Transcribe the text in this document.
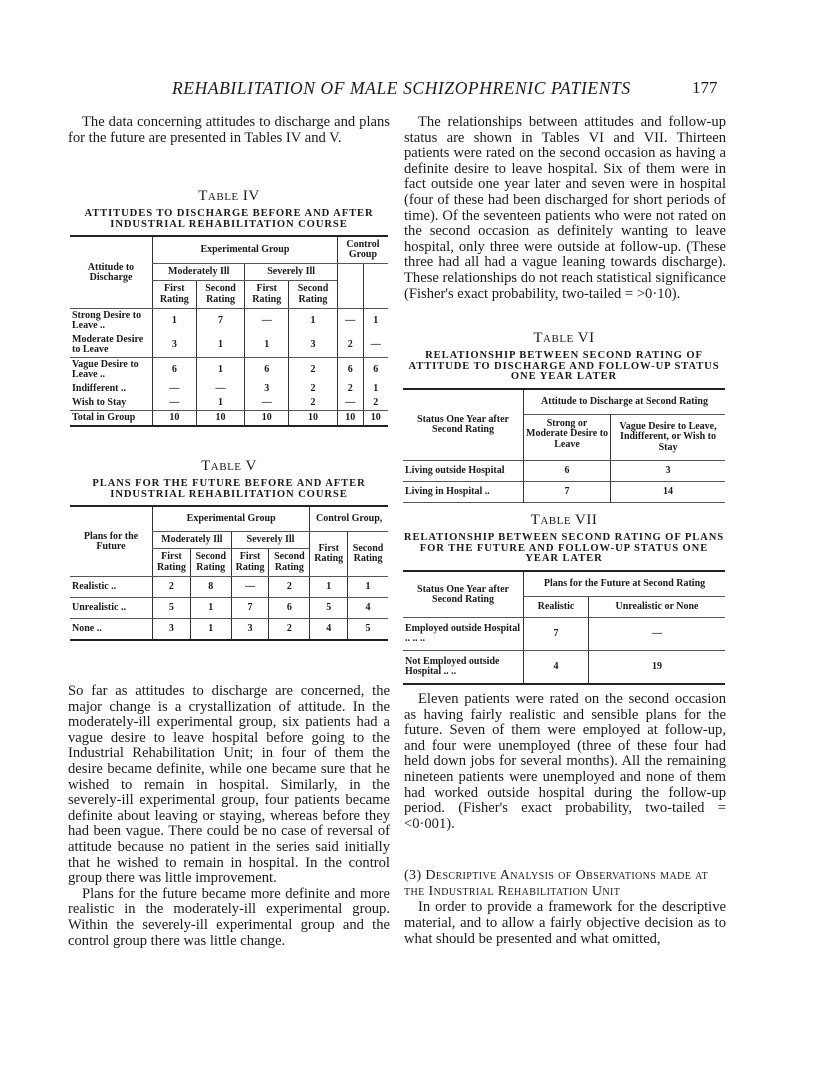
REHABILITATION OF MALE SCHIZOPHRENIC PATIENTS	177

The data concerning attitudes to discharge and plans for the future are presented in Tables IV and V.

Table IV
ATTITUDES TO DISCHARGE BEFORE AND AFTER INDUSTRIAL REHABILITATION COURSE
Attitude to Discharge	Experimental Group				Control Group	
	Moderately Ill		Severely Ill			
	First Rating	Second Rating	First Rating	Second Rating		
Strong Desire to Leave ..	1	7	—	1	—	1
Moderate Desire to Leave	3	1	1	3	2	—
Vague Desire to Leave ..	6	1	6	2	6	6
Indifferent ..	—	—	3	2	2	1
Wish to Stay	—	1	—	2	—	2
Total in Group	10	10	10	10	10	10
Table V
PLANS FOR THE FUTURE BEFORE AND AFTER INDUSTRIAL REHABILITATION COURSE
Plans for the Future	Experimental Group				Control Group,	
	Moderately Ill		Severely Ill		First Rating	Second Rating
	First Rating	Second Rating	First Rating	Second Rating		
Realistic ..	2	8	—	2	1	1
Unrealistic ..	5	1	7	6	5	4
None ..	3	1	3	2	4	5

So far as attitudes to discharge are concerned, the major change is a crystallization of attitude. In the moderately-ill experimental group, six patients had a vague desire to leave hospital before going to the Industrial Rehabilitation Unit; in four of them the desire became definite, while one became sure that he wished to remain in hospital. Similarly, in the severely-ill experimental group, four patients became definite about leaving or staying, whereas before they had been vague. There could be no case of reversal of attitude because no patient in the series said initially that he wished to remain in hospital. In the control group there was little improvement.

Plans for the future became more definite and more realistic in the moderately-ill experimental group. Within the severely-ill experimental group and the control group there was little change.

The relationships between attitudes and follow-up status are shown in Tables VI and VII. Thirteen patients were rated on the second occasion as having a definite desire to leave hospital. Six of them were in fact outside one year later and seven were in hospital (four of these had been discharged for short periods of time). Of the seventeen patients who were not rated on the second occasion as definitely wanting to leave hospital, only three were outside at follow-up. (These three had all had a vague leaning towards discharge). These relationships do not reach statistical significance (Fisher's exact probability, two-tailed = >0·10).

Table VI
RELATIONSHIP BETWEEN SECOND RATING OF ATTITUDE TO DISCHARGE AND FOLLOW-UP STATUS ONE YEAR LATER
Status One Year after Second Rating	Attitude to Discharge at Second Rating	
	Strong or Moderate Desire to Leave	Vague Desire to Leave, Indifferent, or Wish to Stay
Living outside Hospital	6	3
Living in Hospital ..	7	14
Table VII
RELATIONSHIP BETWEEN SECOND RATING OF PLANS FOR THE FUTURE AND FOLLOW-UP STATUS ONE YEAR LATER
Status One Year after Second Rating	Plans for the Future at Second Rating	
	Realistic	Unrealistic or None
Employed outside Hospital .. .. ..	7	—
Not Employed outside Hospital .. ..	4	19

Eleven patients were rated on the second occasion as having fairly realistic and sensible plans for the future. Seven of them were employed at follow-up, and four were unemployed (three of these four had held down jobs for several months). All the remaining nineteen patients were unemployed and none of them had worked outside hospital during the follow-up period. (Fisher's exact probability, two-tailed = <0·001).

(3) Descriptive Analysis of Observations made at the Industrial Rehabilitation Unit

In order to provide a framework for the descriptive material, and to allow a fairly objective decision as to what should be presented and what omitted,
